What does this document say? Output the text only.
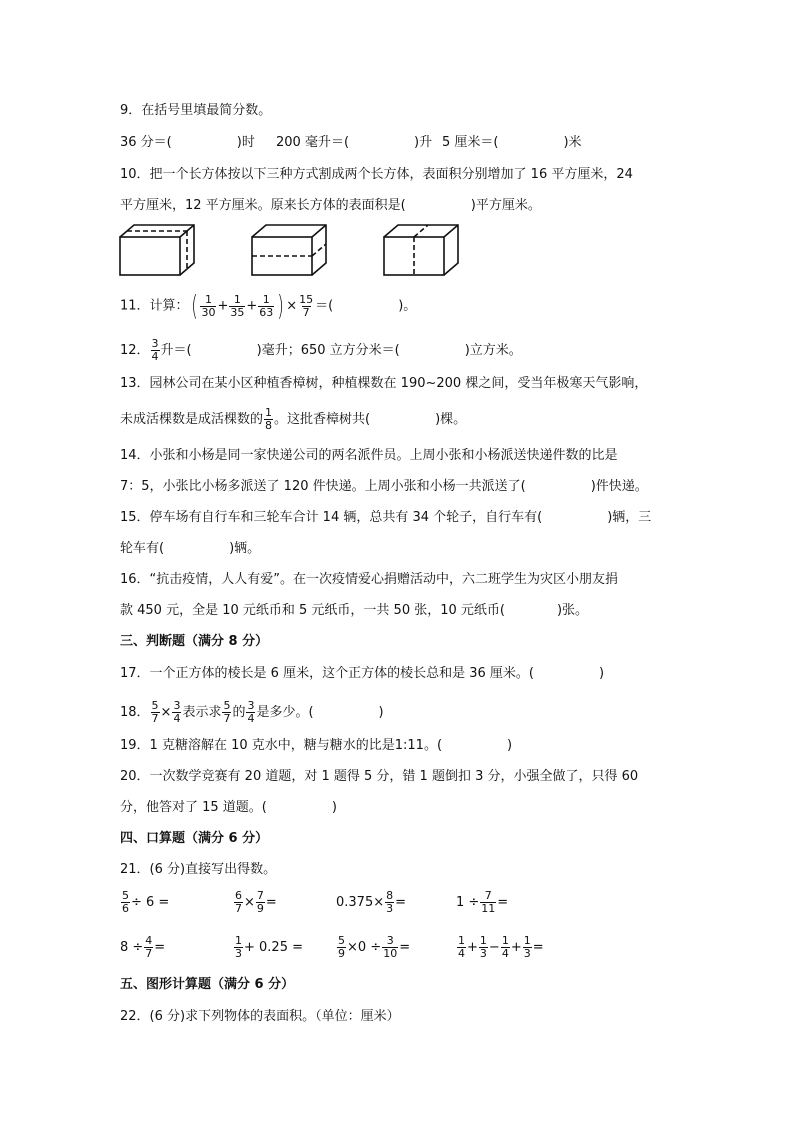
9．在括号里填最简分数。
36 分＝(　　　　　)时 200 毫升＝(　　　　　)升 5 厘米＝(　　　　　)米
10．把一个长方体按以下三种方式割成两个长方体，表面积分别增加了 16 平方厘米，24
平方厘米，12 平方厘米。原来长方体的表面积是(　　　　　)平方厘米。
11．计算：( $\frac{1}{30} + \frac{1}{35} + \frac{1}{63}$ ) × $\frac{15}{7}$ ＝(　　　　　)。
12． $\frac{3}{4}$ 升＝(　　　　　)毫升；650 立方分米＝(　　　　　)立方米。
13．园林公司在某小区种植香樟树，种植棵数在 190~200 棵之间，受当年极寒天气影响，
未成活棵数是成活棵数的 $\frac{1}{8}$ 。这批香樟树共(　　　　　)棵。
14．小张和小杨是同一家快递公司的两名派件员。上周小张和小杨派送快递件数的比是
7：5，小张比小杨多派送了 120 件快递。上周小张和小杨一共派送了(　　　　　)件快递。
15．停车场有自行车和三轮车合计 14 辆，总共有 34 个轮子，自行车有(　　　　　)辆，三
轮车有(　　　　　)辆。
16．“抗击疫情，人人有爱”。在一次疫情爱心捐赠活动中，六二班学生为灾区小朋友捐
款 450 元，全是 10 元纸币和 5 元纸币，一共 50 张，10 元纸币(　　　　)张。
三、判断题（满分 8 分）
17．一个正方体的棱长是 6 厘米，这个正方体的棱长总和是 36 厘米。(　　　　　)
18． $\frac{5}{7} \times \frac{3}{4}$ 表示求 $\frac{5}{7}$ 的 $\frac{3}{4}$ 是多少。(　　　　　)
19．1 克糖溶解在 10 克水中，糖与糖水的比是1:11。(　　　　　)
20．一次数学竞赛有 20 道题，对 1 题得 5 分，错 1 题倒扣 3 分，小强全做了，只得 60
分，他答对了 15 道题。(　　　　　)
四、口算题（满分 6 分）
21．(6 分)直接写出得数。
$\frac{5}{6} \div 6$ =	$\frac{6}{7} \times \frac{7}{9}$ =	$0.375\times \frac{8}{3}$ =	$1 \div \frac{7}{11}$ =
$8 \div \frac{4}{7}$ =	$\frac{1}{3} + 0.25$ =	$\frac{5}{9} \times 0 \div \frac{3}{10}$ =	$\frac{1}{4} + \frac{1}{3} - \frac{1}{4} + \frac{1}{3}$ =
五、图形计算题（满分 6 分）
22．(6 分)求下列物体的表面积。（单位：厘米）
